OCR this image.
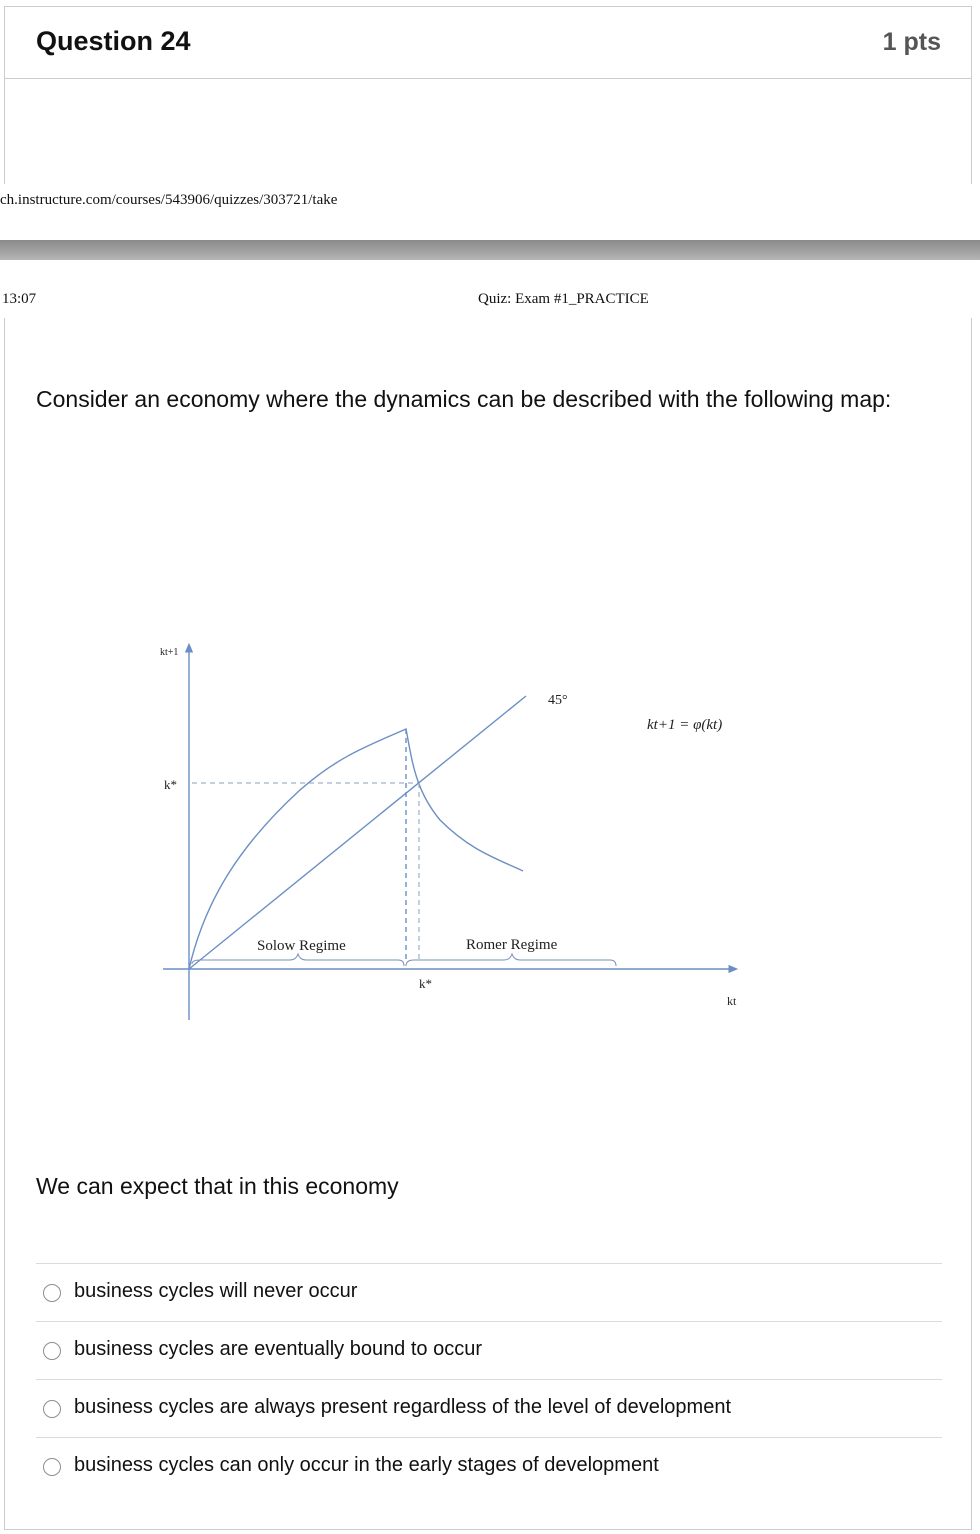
Question 24	1 pts
ch.instructure.com/courses/543906/quizzes/303721/take
13:07	Quiz: Exam #1_PRACTICE
Consider an economy where the dynamics can be described with the following map:
kt+1
k*
45°
kt+1 = φ(kt)
Solow Regime	Romer Regime
k*
kt
We can expect that in this economy
business cycles will never occur
business cycles are eventually bound to occur
business cycles are always present regardless of the level of development
business cycles can only occur in the early stages of development
